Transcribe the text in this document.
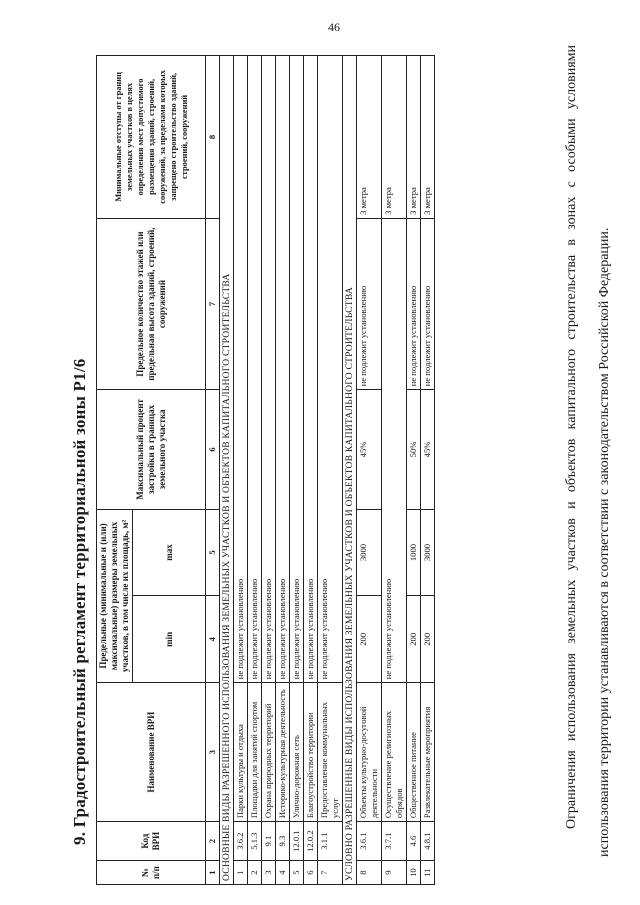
46
9. Градостроительный регламент территориальной зоны Р1/6
№ п/п	Код ВРИ	Наименование ВРИ	Предельные (минимальные и (или) максимальные) размеры земельных участков, в том числе их площадь, м²		Максимальный процент застройки в границах земельного участка	Предельное количество этажей или предельная высота зданий, строений, сооружений	Минимальные отступы от границ земельных участков в целях определения мест допустимого размещения зданий, строений, сооружений, за пределами которых запрещено строительство зданий, строений, сооружений
			min	max			
1	2	3	4	5	6	7	8
ОСНОВНЫЕ ВИДЫ РАЗРЕШЕННОГО ИСПОЛЬЗОВАНИЯ ЗЕМЕЛЬНЫХ УЧАСТКОВ И ОБЪЕКТОВ КАПИТАЛЬНОГО СТРОИТЕЛЬСТВА							
1	3.6.2	Парки культуры и отдыха	не подлежит установлению				
2	5.1.3	Площадки для занятий спортом	не подлежит установлению				
3	9.1	Охрана природных территорий	не подлежит установлению				
4	9.3	Историко-культурная деятельность	не подлежит установлению				
5	12.0.1	Улично-дорожная сеть	не подлежит установлению				
6	12.0.2	Благоустройство территории	не подлежит установлению				
7	3.1.1	Предоставление коммунальных услуг	не подлежит установлению				
УСЛОВНО РАЗРЕШЕННЫЕ ВИДЫ ИСПОЛЬЗОВАНИЯ ЗЕМЕЛЬНЫХ УЧАСТКОВ И ОБЪЕКТОВ КАПИТАЛЬНОГО СТРОИТЕЛЬСТВА							
8	3.6.1	Объекты культурно-досуговой деятельности	200	3000	45%	не подлежит установлению	3 метра
9	3.7.1	Осуществление религиозных обрядов	не подлежит установлению				3 метра
10	4.6	Общественное питание	200	1000	50%	не подлежит установлению	3 метра
11	4.8.1	Развлекательные мероприятия	200	3000	45%	не подлежит установлению	3 метра	Ограничения использования земельных участков и объектов капитального строительства в зонах с особыми условиями использования территории устанавливаются в соответствии с законодательством Российской Федерации.
